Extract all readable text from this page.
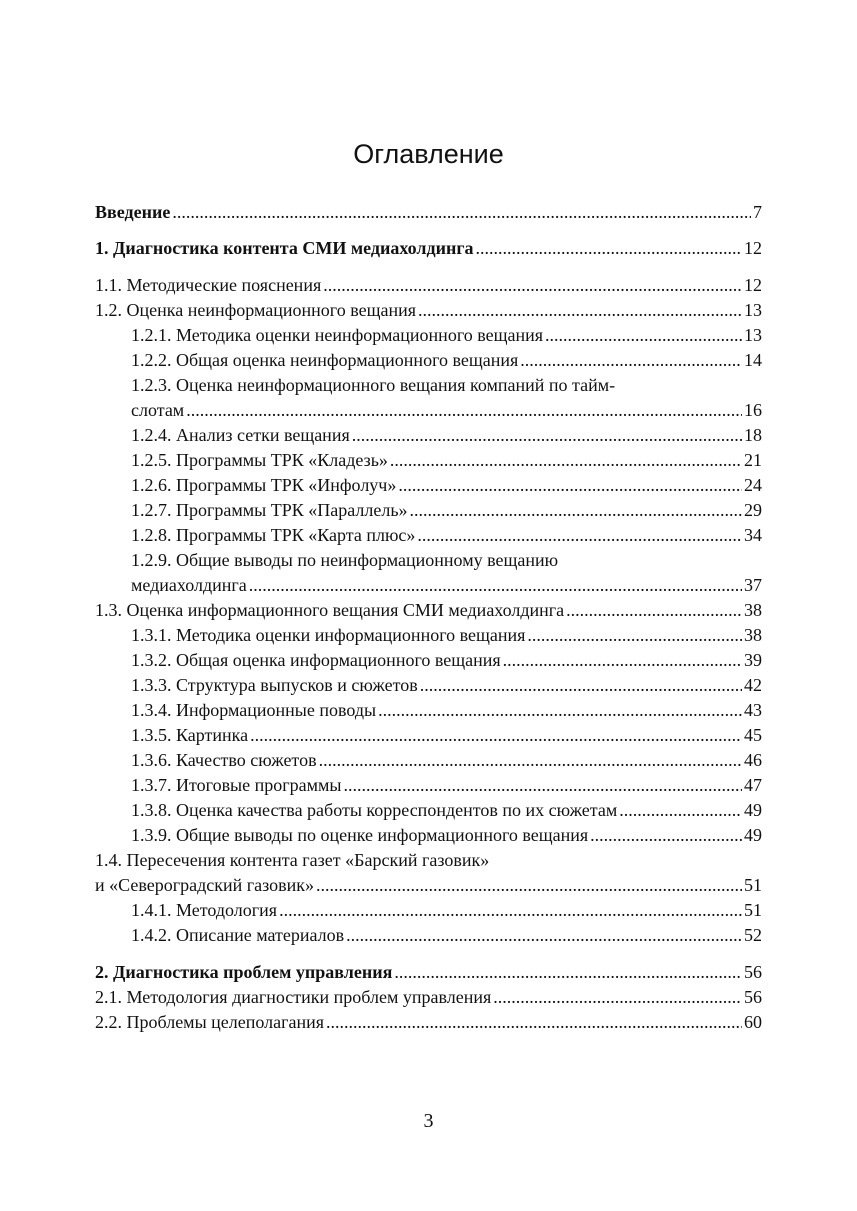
Оглавление
Введение .....	7
1. Диагностика контента СМИ медиахолдинга .....	12
1.1. Методические пояснения .....	12
1.2. Оценка неинформационного вещания .....	13
1.2.1. Методика оценки неинформационного вещания .....	13
1.2.2. Общая оценка неинформационного вещания .....	14
1.2.3. Оценка неинформационного вещания компаний по тайм-
слотам .....	16
1.2.4. Анализ сетки вещания .....	18
1.2.5. Программы ТРК «Кладезь» .....	21
1.2.6. Программы ТРК «Инфолуч» .....	24
1.2.7. Программы ТРК «Параллель» .....	29
1.2.8. Программы ТРК «Карта плюс» .....	34
1.2.9. Общие выводы по неинформационному вещанию
медиахолдинга .....	37
1.3. Оценка информационного вещания СМИ медиахолдинга .....	38
1.3.1. Методика оценки информационного вещания .....	38
1.3.2. Общая оценка информационного вещания .....	39
1.3.3. Структура выпусков и сюжетов .....	42
1.3.4. Информационные поводы .....	43
1.3.5. Картинка .....	45
1.3.6. Качество сюжетов .....	46
1.3.7. Итоговые программы .....	47
1.3.8. Оценка качества работы корреспондентов по их сюжетам .....	49
1.3.9. Общие выводы по оценке информационного вещания .....	49
1.4. Пересечения контента газет «Барский газовик»
и «Североградский газовик» .....	51
1.4.1. Методология .....	51
1.4.2. Описание материалов .....	52
2. Диагностика проблем управления .....	56
2.1. Методология диагностики проблем управления .....	56
2.2. Проблемы целеполагания .....	60
3
